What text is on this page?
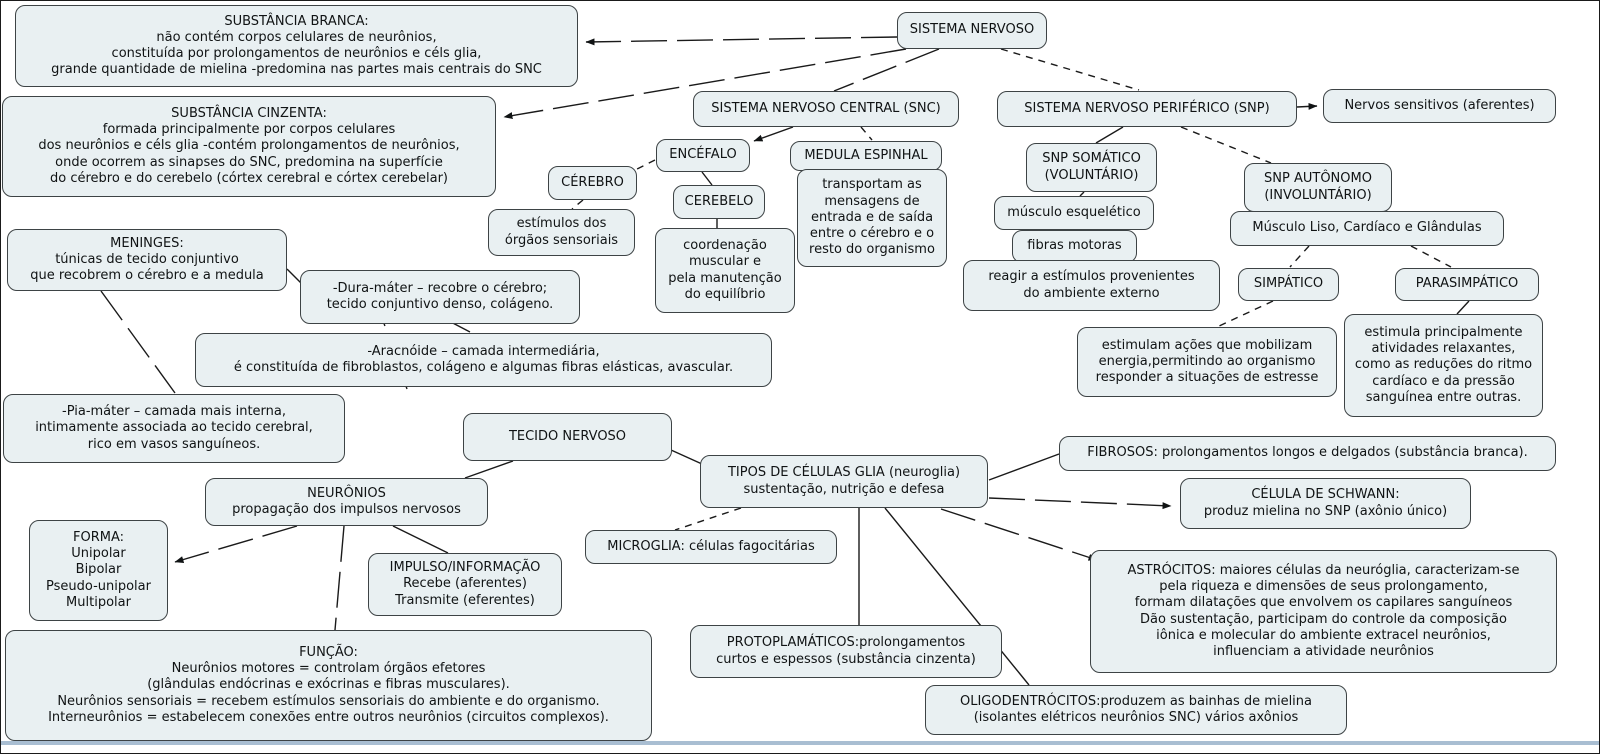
SUBSTÂNCIA BRANCA:
não contém corpos celulares de neurônios,
constituída por prolongamentos de neurônios e céls glia,
grande quantidade de mielina -predomina nas partes mais centrais do SNC
SUBSTÂNCIA CINZENTA:
formada principalmente por corpos celulares
dos neurônios e céls glia -contém prolongamentos de neurônios,
onde ocorrem as sinapses do SNC, predomina na superfície
do cérebro e do cerebelo (córtex cerebral e córtex cerebelar)
SISTEMA NERVOSO
SISTEMA NERVOSO CENTRAL (SNC)	SISTEMA NERVOSO PERIFÉRICO (SNP)	Nervos sensitivos (aferentes)
ENCÉFALO	MEDULA ESPINHAL
CÉREBRO
CEREBELO
estímulos dos
órgãos sensoriais
transportam as
mensagens de
entrada e de saída
entre o cérebro e o
resto do organismo
coordenação
muscular e
pela manutenção
do equilíbrio
SNP SOMÁTICO
(VOLUNTÁRIO)
músculo esquelético
fibras motoras
reagir a estímulos provenientes
do ambiente externo
SNP AUTÔNOMO
(INVOLUNTÁRIO)
Músculo Liso, Cardíaco e Glândulas
SIMPÁTICO	PARASIMPÁTICO
estimulam ações que mobilizam
energia,permitindo ao organismo
responder a situações de estresse
estimula principalmente
atividades relaxantes,
como as reduções do ritmo
cardíaco e da pressão
sanguínea entre outras.
MENINGES:
túnicas de tecido conjuntivo
que recobrem o cérebro e a medula
-Dura-máter – recobre o cérebro;
tecido conjuntivo denso, colágeno.
-Aracnóide – camada intermediária,
é constituída de fibroblastos, colágeno e algumas fibras elásticas, avascular.
-Pia-máter – camada mais interna,
intimamente associada ao tecido cerebral,
rico em vasos sanguíneos.
TECIDO NERVOSO
NEURÔNIOS
propagação dos impulsos nervosos
FORMA:
Unipolar
Bipolar
Pseudo-unipolar
Multipolar
IMPULSO/INFORMAÇÃO
Recebe (aferentes)
Transmite (eferentes)
FUNÇÃO:
Neurônios motores = controlam órgãos efetores
(glândulas endócrinas e exócrinas e fibras musculares).
Neurônios sensoriais = recebem estímulos sensoriais do ambiente e do organismo.
Interneurônios = estabelecem conexões entre outros neurônios (circuitos complexos).
TIPOS DE CÉLULAS GLIA (neuroglia)
sustentação, nutrição e defesa
MICROGLIA: células fagocitárias
FIBROSOS: prolongamentos longos e delgados (substância branca).
CÉLULA DE SCHWANN:
produz mielina no SNP (axônio único)
ASTRÓCITOS: maiores células da neuróglia, caracterizam-se
pela riqueza e dimensões de seus prolongamento,
formam dilatações que envolvem os capilares sanguíneos
Dão sustentação, participam do controle da composição
iônica e molecular do ambiente extracel neurônios,
influenciam a atividade neurônios
PROTOPLAMÁTICOS:prolongamentos
curtos e espessos (substância cinzenta)
OLIGODENTRÓCITOS:produzem as bainhas de mielina
(isolantes elétricos neurônios SNC) vários axônios
